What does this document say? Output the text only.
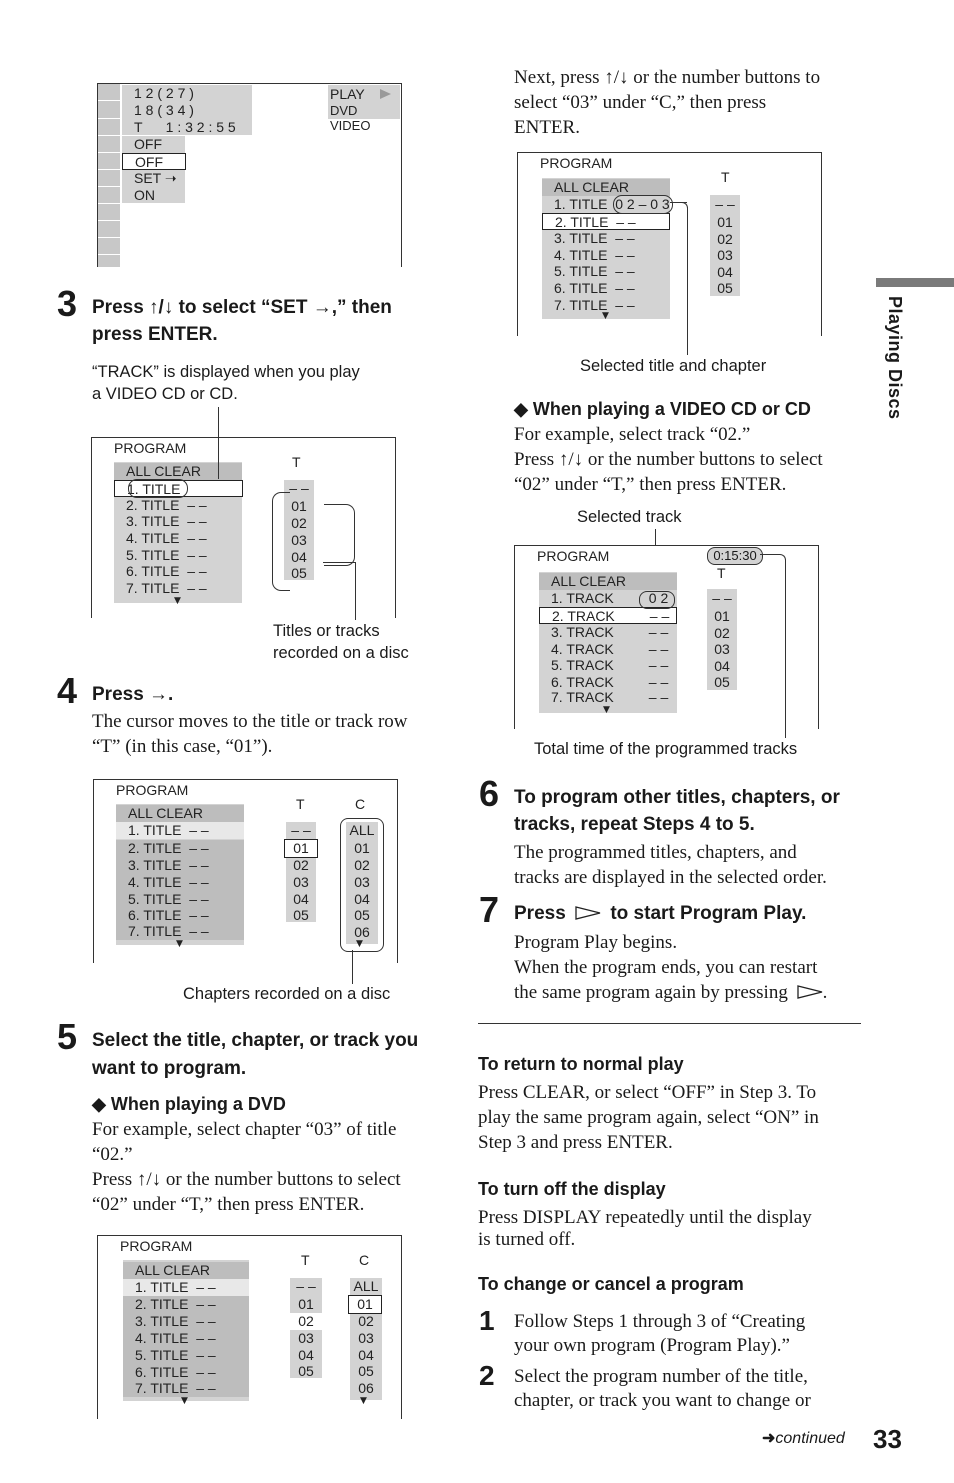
1 2 ( 2 7 )
1 8 ( 3 4 )
T      1 : 3 2 : 5 5
OFF
OFF
SET ➝
ON
PLAY
DVD VIDEO
3 Press ↑/↓ to select “SET →,” then
press ENTER.
“TRACK” is displayed when you play
a VIDEO CD or CD.
PROGRAM
ALL CLEAR
1. TITLE
2. TITLE – –
3. TITLE – –
4. TITLE – –
5. TITLE – –
6. TITLE – –
7. TITLE – –
▼
T
– –
01
02
03
04
05
Titles or tracks
recorded on a disc
4 Press →.
The cursor moves to the title or track row
“T” (in this case, “01”).
PROGRAM
ALL CLEAR
1. TITLE – –
2. TITLE – –
3. TITLE – –
4. TITLE – –
5. TITLE – –
6. TITLE – –
7. TITLE – –
▼
T	C
– –
01
02
03
04
05
ALL
01
02
03
04
05
06
▼
Chapters recorded on a disc
5 Select the title, chapter, or track you
want to program.
◆ When playing a DVD
For example, select chapter “03” of title
“02.”
Press ↑/↓ or the number buttons to select
“02” under “T,” then press ENTER.
PROGRAM
ALL CLEAR
1. TITLE – –
2. TITLE – –
3. TITLE – –
4. TITLE – –
5. TITLE – –
6. TITLE – –
7. TITLE – –
▼
T	C
– –
01
02
03
04
05
ALL
01
02
03
04
05
06
▼
Next, press ↑/↓ or the number buttons to
select “03” under “C,” then press
ENTER.
PROGRAM
ALL CLEAR
1. TITLE 0 2 – 0 3
2. TITLE – –
3. TITLE – –
4. TITLE – –
5. TITLE – –
6. TITLE – –
7. TITLE – –
▼
T
– –
01
02
03
04
05
Selected title and chapter
◆ When playing a VIDEO CD or CD
For example, select track “02.”
Press ↑/↓ or the number buttons to select
“02” under “T,” then press ENTER.
Selected track
PROGRAM	0:15:30
ALL CLEAR
1. TRACK	0 2
2. TRACK	– –
3. TRACK	– –
4. TRACK	– –
5. TRACK	– –
6. TRACK	– –
7. TRACK	– –
▼
T
– –
01
02
03
04
05
Total time of the programmed tracks
6 To program other titles, chapters, or
tracks, repeat Steps 4 to 5.
The programmed titles, chapters, and
tracks are displayed in the selected order.
7 Press to start Program Play.
Program Play begins.
When the program ends, you can restart
the same program again by pressing .
To return to normal play
Press CLEAR, or select “OFF” in Step 3. To
play the same program again, select “ON” in
Step 3 and press ENTER.
To turn off the display
Press DISPLAY repeatedly until the display
is turned off.
To change or cancel a program
1 Follow Steps 1 through 3 of “Creating
your own program (Program Play).”
2 Select the program number of the title,
chapter, or track you want to change or
➜continued 33
Playing Discs
